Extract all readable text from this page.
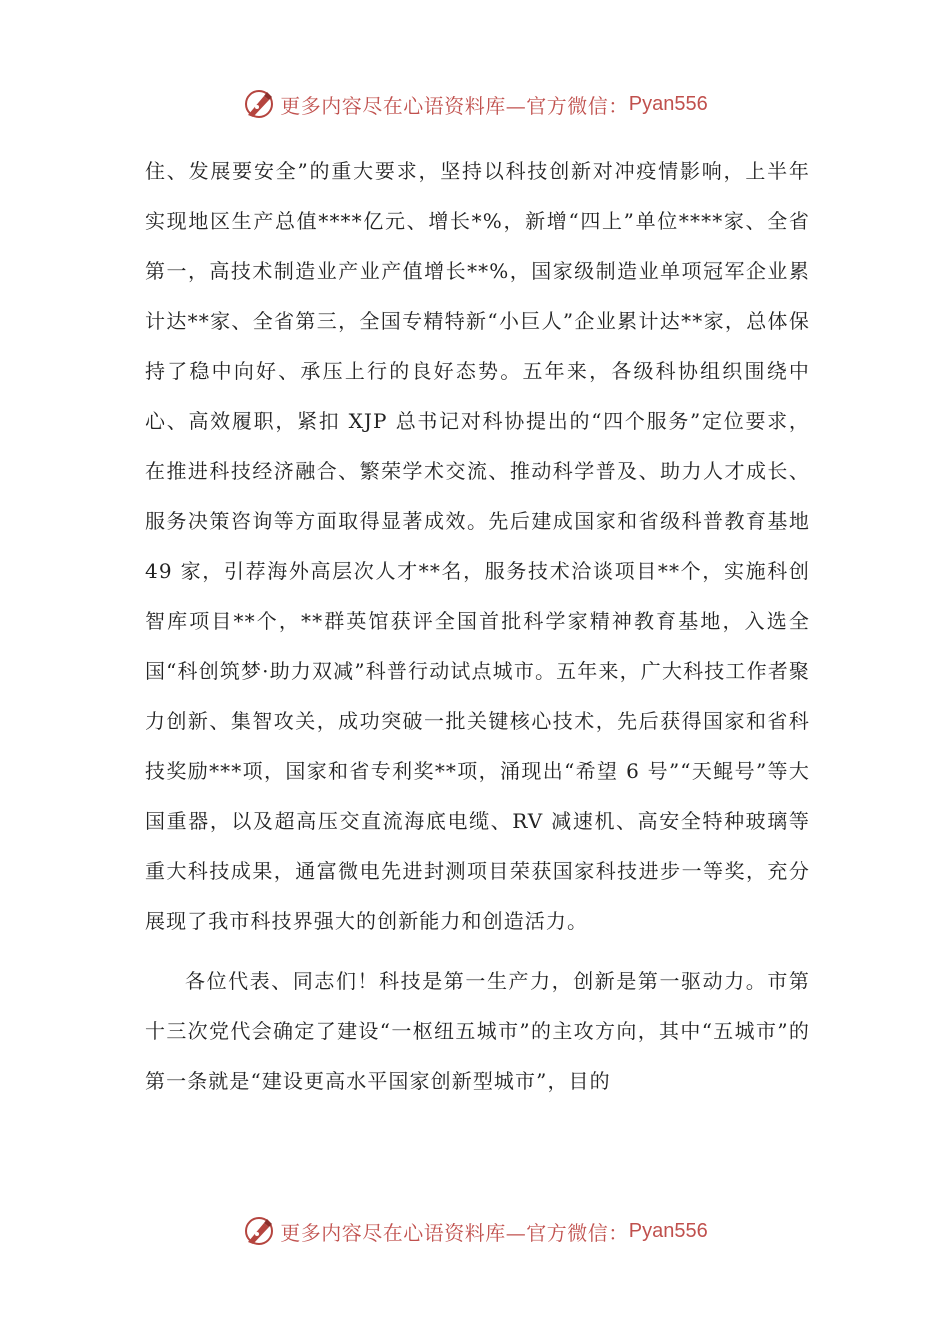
更多内容尽在心语资料库—官方微信： Pyan556

住、发展要安全”的重大要求，坚持以科技创新对冲疫情影响，上半年实现地区生产总值****亿元、增长*%，新增“四上”单位****家、全省第一，高技术制造业产业产值增长**%，国家级制造业单项冠军企业累计达**家、全省第三，全国专精特新“小巨人”企业累计达**家，总体保持了稳中向好、承压上行的良好态势。五年来，各级科协组织围绕中心、高效履职，紧扣 XJP 总书记对科协提出的“四个服务”定位要求，在推进科技经济融合、繁荣学术交流、推动科学普及、助力人才成长、服务决策咨询等方面取得显著成效。先后建成国家和省级科普教育基地 49 家，引荐海外高层次人才**名，服务技术洽谈项目**个，实施科创智库项目**个，**群英馆获评全国首批科学家精神教育基地，入选全国“科创筑梦·助力双减”科普行动试点城市。五年来，广大科技工作者聚力创新、集智攻关，成功突破一批关键核心技术，先后获得国家和省科技奖励***项，国家和省专利奖**项，涌现出“希望 6 号”“天鲲号”等大国重器，以及超高压交直流海底电缆、RV 减速机、高安全特种玻璃等重大科技成果，通富微电先进封测项目荣获国家科技进步一等奖，充分展现了我市科技界强大的创新能力和创造活力。

各位代表、同志们！科技是第一生产力，创新是第一驱动力。市第十三次党代会确定了建设“一枢纽五城市”的主攻方向，其中“五城市”的第一条就是“建设更高水平国家创新型城市”，目的

更多内容尽在心语资料库—官方微信： Pyan556
